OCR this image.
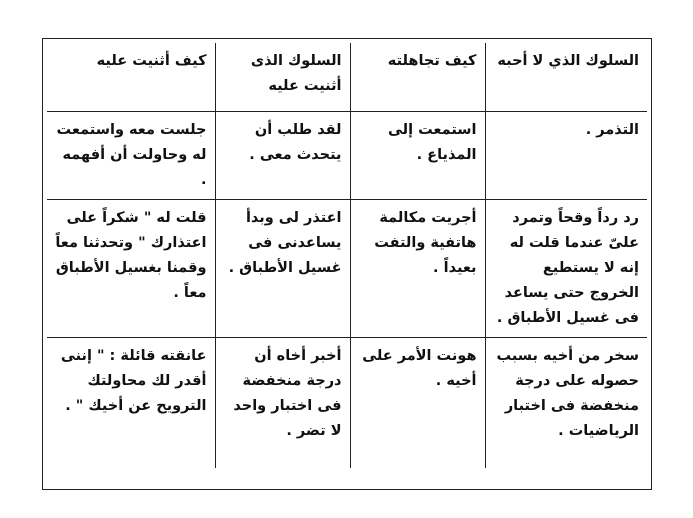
السلوك الذي لا أحبه	كيف تجاهلته	السلوك الذى أثنيت عليه	كيف أثنيت عليه
التذمر .	استمعت إلى المذياع .	لقد طلب أن يتحدث معى .	جلست معه واستمعت له وحاولت أن أفهمه .
رد رداً وقحاً وتمرد علىّ عندما قلت له إنه لا يستطيع الخروج حتى يساعد فى غسيل الأطباق .	أجريت مكالمة هاتفية والتفت بعيداً .	اعتذر لى وبدأ يساعدنى فى غسيل الأطباق .	قلت له " شكراً على اعتذارك " وتحدثنا معاً وقمنا بغسيل الأطباق معاً .
سخر من أخيه بسبب حصوله على درجة منخفضة فى اختبار الرياضيات .	هونت الأمر على أخيه .	أخبر أخاه أن درجة منخفضة فى اختبار واحد لا تضر .	عانقته قائلة : " إننى أقدر لك محاولتك الترويح عن أخيك " .
